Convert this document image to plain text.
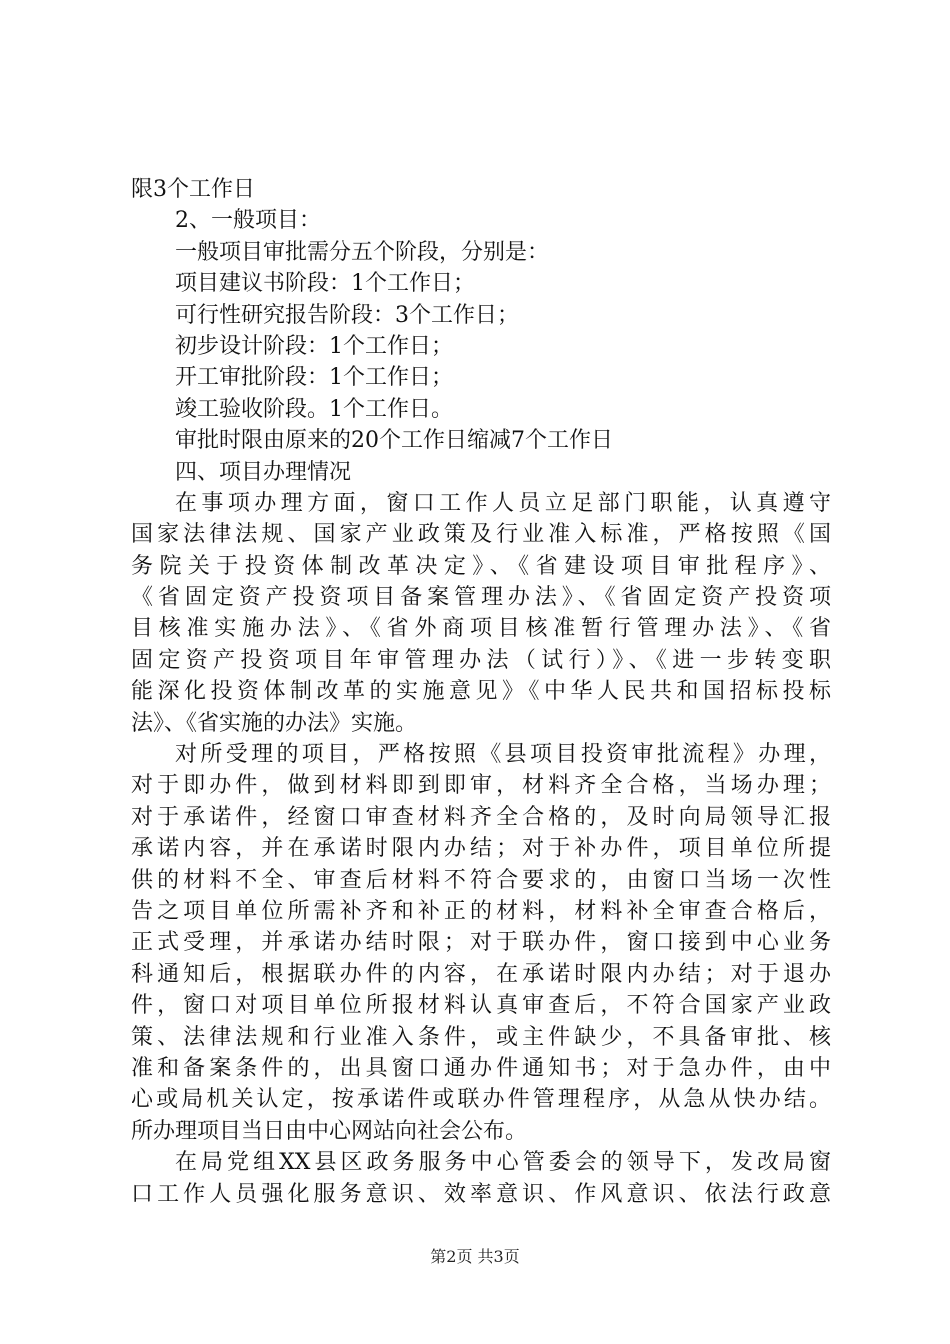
限3个工作日
2、一般项目：
一般项目审批需分五个阶段，分别是：
项目建议书阶段：1个工作日；
可行性研究报告阶段：3个工作日；
初步设计阶段：1个工作日；
开工审批阶段：1个工作日；
竣工验收阶段。1个工作日。
审批时限由原来的20个工作日缩减7个工作日
四、项目办理情况
在事项办理方面，窗口工作人员立足部门职能，认真遵守
国家法律法规、国家产业政策及行业准入标准，严格按照《国
务院关于投资体制改革决定》、《省建设项目审批程序》、
《省固定资产投资项目备案管理办法》、《省固定资产投资项
目核准实施办法》、《省外商项目核准暂行管理办法》、《省
固定资产投资项目年审管理办法（试行）》、《进一步转变职
能深化投资体制改革的实施意见》《中华人民共和国招标投标
法》、《省实施的办法》实施。
对所受理的项目，严格按照《县项目投资审批流程》办理，
对于即办件，做到材料即到即审，材料齐全合格，当场办理；
对于承诺件，经窗口审查材料齐全合格的，及时向局领导汇报
承诺内容，并在承诺时限内办结；对于补办件，项目单位所提
供的材料不全、审查后材料不符合要求的，由窗口当场一次性
告之项目单位所需补齐和补正的材料，材料补全审查合格后，
正式受理，并承诺办结时限；对于联办件，窗口接到中心业务
科通知后，根据联办件的内容，在承诺时限内办结；对于退办
件，窗口对项目单位所报材料认真审查后，不符合国家产业政
策、法律法规和行业准入条件，或主件缺少，不具备审批、核
准和备案条件的，出具窗口通办件通知书；对于急办件，由中
心或局机关认定，按承诺件或联办件管理程序，从急从快办结。
所办理项目当日由中心网站向社会公布。
在局党组XX县区政务服务中心管委会的领导下，发改局窗
口工作人员强化服务意识、效率意识、作风意识、依法行政意
第2页 共3页
